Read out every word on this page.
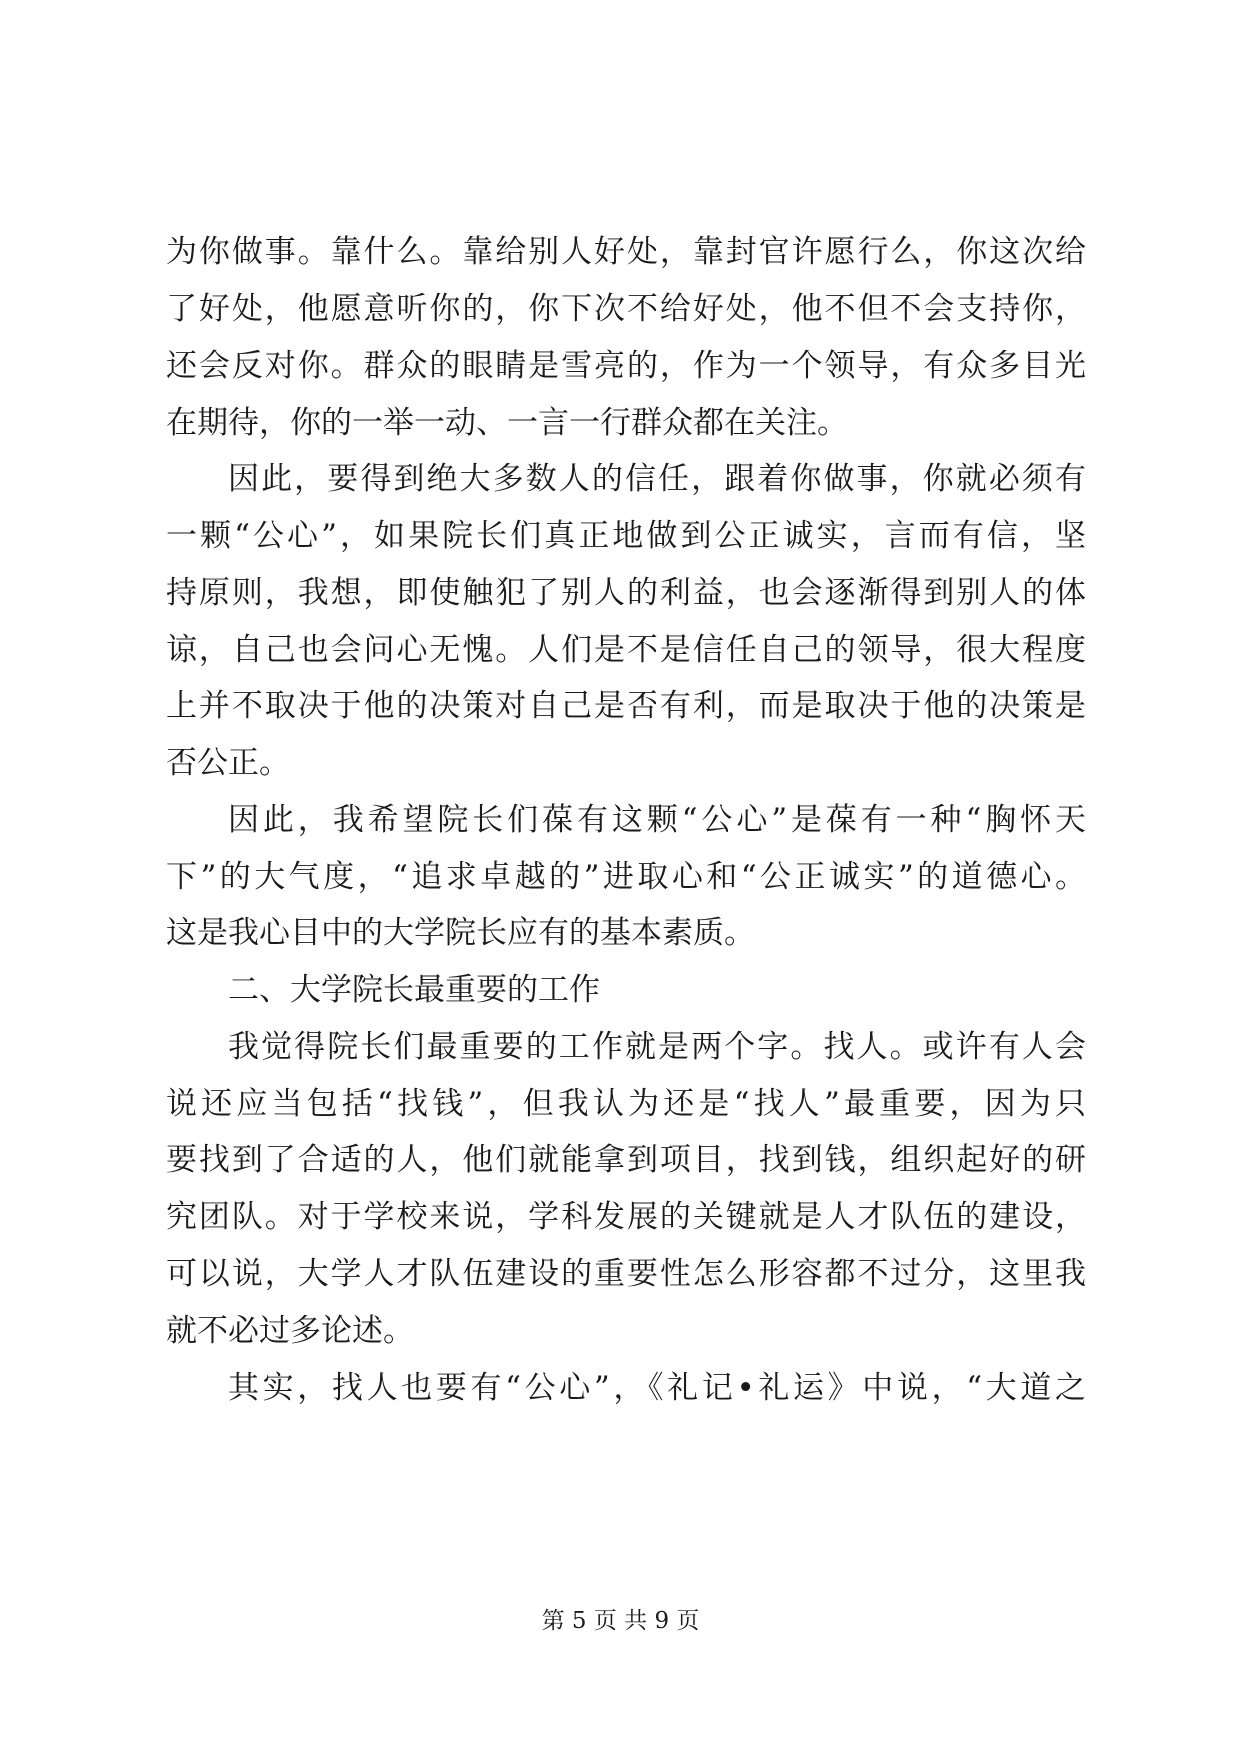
为你做事。靠什么。靠给别人好处，靠封官许愿行么，你这次给
了好处，他愿意听你的，你下次不给好处，他不但不会支持你，
还会反对你。群众的眼睛是雪亮的，作为一个领导，有众多目光
在期待，你的一举一动、一言一行群众都在关注。
因此，要得到绝大多数人的信任，跟着你做事，你就必须有
一颗“公心”，如果院长们真正地做到公正诚实，言而有信，坚
持原则，我想，即使触犯了别人的利益，也会逐渐得到别人的体
谅，自己也会问心无愧。人们是不是信任自己的领导，很大程度
上并不取决于他的决策对自己是否有利，而是取决于他的决策是
否公正。
因此，我希望院长们葆有这颗“公心”是葆有一种“胸怀天
下”的大气度，“追求卓越的”进取心和“公正诚实”的道德心。
这是我心目中的大学院长应有的基本素质。
二、大学院长最重要的工作
我觉得院长们最重要的工作就是两个字。找人。或许有人会
说还应当包括“找钱”，但我认为还是“找人”最重要，因为只
要找到了合适的人，他们就能拿到项目，找到钱，组织起好的研
究团队。对于学校来说，学科发展的关键就是人才队伍的建设，
可以说，大学人才队伍建设的重要性怎么形容都不过分，这里我
就不必过多论述。
其实，找人也要有“公心”，《礼记•礼运》中说，“大道之
第 5 页 共 9 页
